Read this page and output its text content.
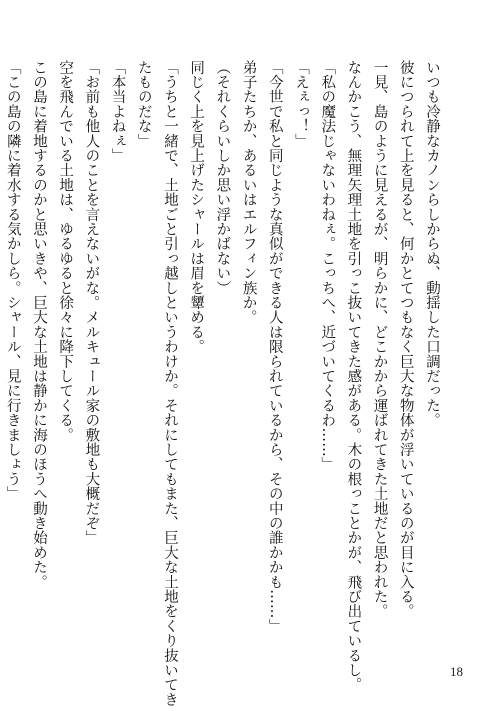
いつも冷静なカノンらしからぬ、動揺した口調だった。
彼につられて上を見ると、何かとてつもなく巨大な物体が浮いているのが目に入る。
一見、島のように見えるが、明らかに、どこかから運ばれてきた土地だと思われた。
なんかこう、無理矢理土地を引っこ抜いてきた感がある。木の根っことかが、飛び出ているし。
「私の魔法じゃないわねぇ。こっちへ、近づいてくるわ……」
「えぇっ！」
「今世で私と同じような真似ができる人は限られているから、その中の誰かかも……」
弟子たちか、あるいはエルフィン族か。
（それくらいしか思い浮かばない）
同じく上を見上げたシャールは眉を顰める。
「うちと一緒で、土地ごと引っ越しというわけか。それにしてもまた、巨大な土地をくり抜いてき
たものだな」
「本当よねぇ」
「お前も他人のことを言えないがな。メルキュール家の敷地も大概だぞ」
空を飛んでいる土地は、ゆるゆると徐々に降下してくる。
この島に着地するのかと思いきや、巨大な土地は静かに海のほうへ動き始めた。
「この島の隣に着水する気かしら。シャール、見に行きましょう」
18
